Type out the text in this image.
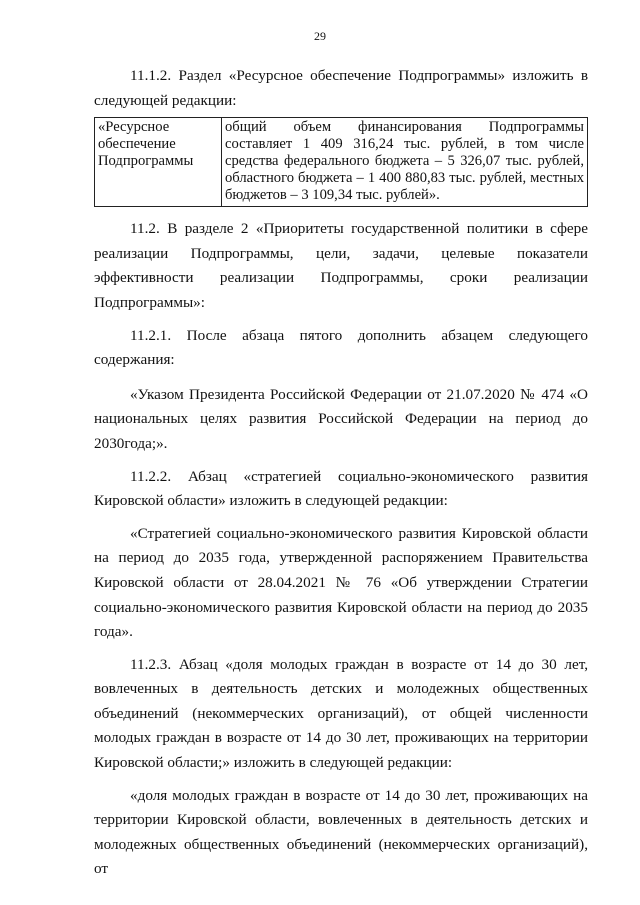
29

11.1.2. Раздел «Ресурсное обеспечение Подпрограммы» изложить в следующей редакции:

«Ресурсное обеспечение Подпрограммы	общий объем финансирования Подпрограммы составляет 1 409 316,24 тыс. рублей, в том числе средства федерального бюджета – 5 326,07 тыс. рублей, областного бюджета – 1 400 880,83 тыс. рублей, местных бюджетов – 3 109,34 тыс. рублей».

11.2. В разделе 2 «Приоритеты государственной политики в сфере реализации Подпрограммы, цели, задачи, целевые показатели эффективности реализации Подпрограммы, сроки реализации Подпрограммы»:

11.2.1. После абзаца пятого дополнить абзацем следующего содержания:

«Указом Президента Российской Федерации от 21.07.2020 № 474 «О национальных целях развития Российской Федерации на период до 2030года;».

11.2.2. Абзац «стратегией социально-экономического развития Кировской области» изложить в следующей редакции:

«Стратегией социально-экономического развития Кировской области на период до 2035 года, утвержденной распоряжением Правительства Кировской области от 28.04.2021 № 76 «Об утверждении Стратегии социально-экономического развития Кировской области на период до 2035 года».

11.2.3. Абзац «доля молодых граждан в возрасте от 14 до 30 лет, вовлеченных в деятельность детских и молодежных общественных объединений (некоммерческих организаций), от общей численности молодых граждан в возрасте от 14 до 30 лет, проживающих на территории Кировской области;» изложить в следующей редакции:

«доля молодых граждан в возрасте от 14 до 30 лет, проживающих на территории Кировской области, вовлеченных в деятельность детских и молодежных общественных объединений (некоммерческих организаций), от
